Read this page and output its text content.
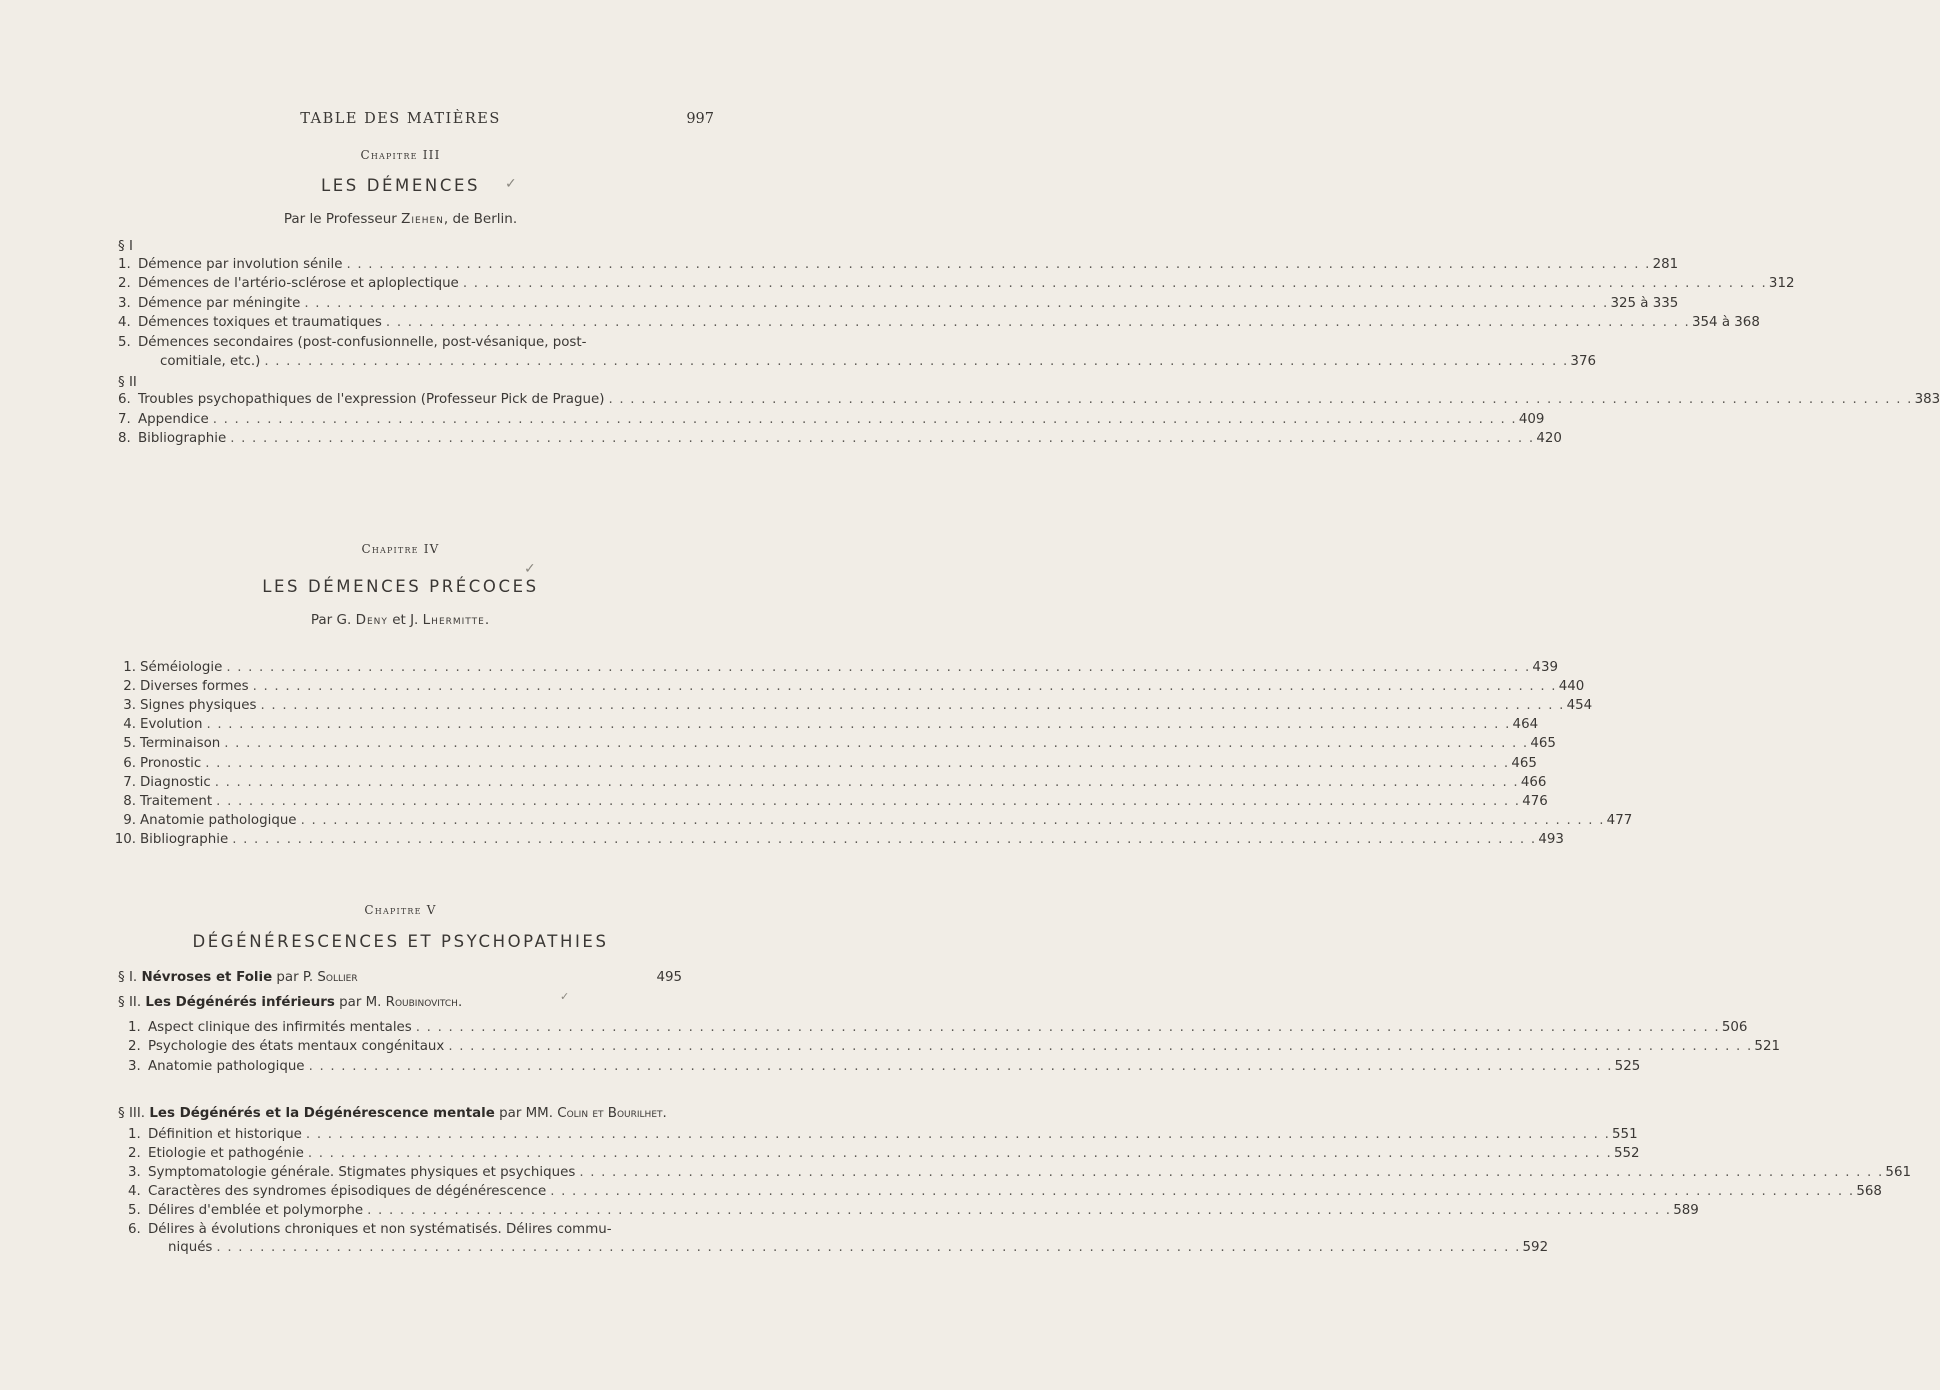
TABLE DES MATIÈRES	997
Chapitre III
LES DÉMENCES	✓
Par le Professeur Ziehen, de Berlin.
§ I
1. Démence par involution sénile . . . . . . . . . . . . . . . . . . . . . . . . . . . . . . . . . . . . . . . . . . . . . . . . . . . . . . . . . . . . . . . . . . . . . . . . . . . . . . . . . . . . . . . . . . . . . . . . . . . . . . . . . . . . . . . . . . . . . . . . 281
2. Démences de l'artério-sclérose et aploplectique . . . . . . . . . . . . . . . . . . . . . . . . . . . . . . . . . . . . . . . . . . . . . . . . . . . . . . . . . . . . . . . . . . . . . . . . . . . . . . . . . . . . . . . . . . . . . . . . . . . . . . . . . . . . . . . . . . . . . . . . 312
3. Démence par méningite . . . . . . . . . . . . . . . . . . . . . . . . . . . . . . . . . . . . . . . . . . . . . . . . . . . . . . . . . . . . . . . . . . . . . . . . . . . . . . . . . . . . . . . . . . . . . . . . . . . . . . . . . . . . . . . . . . . . . . . . 325 à 335
4. Démences toxiques et traumatiques . . . . . . . . . . . . . . . . . . . . . . . . . . . . . . . . . . . . . . . . . . . . . . . . . . . . . . . . . . . . . . . . . . . . . . . . . . . . . . . . . . . . . . . . . . . . . . . . . . . . . . . . . . . . . . . . . . . . . . . . 354 à 368
5. Démences secondaires (post-confusionnelle, post-vésanique, post-
comitiale, etc.) . . . . . . . . . . . . . . . . . . . . . . . . . . . . . . . . . . . . . . . . . . . . . . . . . . . . . . . . . . . . . . . . . . . . . . . . . . . . . . . . . . . . . . . . . . . . . . . . . . . . . . . . . . . . . . . . . . . . . . . . 376
§ II
6. Troubles psychopathiques de l'expression (Professeur Pick de Prague) . . . . . . . . . . . . . . . . . . . . . . . . . . . . . . . . . . . . . . . . . . . . . . . . . . . . . . . . . . . . . . . . . . . . . . . . . . . . . . . . . . . . . . . . . . . . . . . . . . . . . . . . . . . . . . . . . . . . . . . . 383
7. Appendice . . . . . . . . . . . . . . . . . . . . . . . . . . . . . . . . . . . . . . . . . . . . . . . . . . . . . . . . . . . . . . . . . . . . . . . . . . . . . . . . . . . . . . . . . . . . . . . . . . . . . . . . . . . . . . . . . . . . . . . . 409
8. Bibliographie . . . . . . . . . . . . . . . . . . . . . . . . . . . . . . . . . . . . . . . . . . . . . . . . . . . . . . . . . . . . . . . . . . . . . . . . . . . . . . . . . . . . . . . . . . . . . . . . . . . . . . . . . . . . . . . . . . . . . . . . 420
Chapitre IV
✓
LES DÉMENCES PRÉCOCES
Par G. Deny et J. Lhermitte.
1. Séméiologie . . . . . . . . . . . . . . . . . . . . . . . . . . . . . . . . . . . . . . . . . . . . . . . . . . . . . . . . . . . . . . . . . . . . . . . . . . . . . . . . . . . . . . . . . . . . . . . . . . . . . . . . . . . . . . . . . . . . . . . . 439
2. Diverses formes . . . . . . . . . . . . . . . . . . . . . . . . . . . . . . . . . . . . . . . . . . . . . . . . . . . . . . . . . . . . . . . . . . . . . . . . . . . . . . . . . . . . . . . . . . . . . . . . . . . . . . . . . . . . . . . . . . . . . . . . 440
3. Signes physiques . . . . . . . . . . . . . . . . . . . . . . . . . . . . . . . . . . . . . . . . . . . . . . . . . . . . . . . . . . . . . . . . . . . . . . . . . . . . . . . . . . . . . . . . . . . . . . . . . . . . . . . . . . . . . . . . . . . . . . . . 454
4. Evolution . . . . . . . . . . . . . . . . . . . . . . . . . . . . . . . . . . . . . . . . . . . . . . . . . . . . . . . . . . . . . . . . . . . . . . . . . . . . . . . . . . . . . . . . . . . . . . . . . . . . . . . . . . . . . . . . . . . . . . . . 464
5. Terminaison . . . . . . . . . . . . . . . . . . . . . . . . . . . . . . . . . . . . . . . . . . . . . . . . . . . . . . . . . . . . . . . . . . . . . . . . . . . . . . . . . . . . . . . . . . . . . . . . . . . . . . . . . . . . . . . . . . . . . . . . 465
6. Pronostic . . . . . . . . . . . . . . . . . . . . . . . . . . . . . . . . . . . . . . . . . . . . . . . . . . . . . . . . . . . . . . . . . . . . . . . . . . . . . . . . . . . . . . . . . . . . . . . . . . . . . . . . . . . . . . . . . . . . . . . . 465
7. Diagnostic . . . . . . . . . . . . . . . . . . . . . . . . . . . . . . . . . . . . . . . . . . . . . . . . . . . . . . . . . . . . . . . . . . . . . . . . . . . . . . . . . . . . . . . . . . . . . . . . . . . . . . . . . . . . . . . . . . . . . . . . 466
8. Traitement . . . . . . . . . . . . . . . . . . . . . . . . . . . . . . . . . . . . . . . . . . . . . . . . . . . . . . . . . . . . . . . . . . . . . . . . . . . . . . . . . . . . . . . . . . . . . . . . . . . . . . . . . . . . . . . . . . . . . . . . 476
9. Anatomie pathologique . . . . . . . . . . . . . . . . . . . . . . . . . . . . . . . . . . . . . . . . . . . . . . . . . . . . . . . . . . . . . . . . . . . . . . . . . . . . . . . . . . . . . . . . . . . . . . . . . . . . . . . . . . . . . . . . . . . . . . . . 477
10. Bibliographie . . . . . . . . . . . . . . . . . . . . . . . . . . . . . . . . . . . . . . . . . . . . . . . . . . . . . . . . . . . . . . . . . . . . . . . . . . . . . . . . . . . . . . . . . . . . . . . . . . . . . . . . . . . . . . . . . . . . . . . . 493
Chapitre V
DÉGÉNÉRESCENCES ET PSYCHOPATHIES
§ I. Névroses et Folie par P. Sollier	495
§ II. Les Dégénérés inférieurs par M. Roubinovitch.	✓
1. Aspect clinique des infirmités mentales . . . . . . . . . . . . . . . . . . . . . . . . . . . . . . . . . . . . . . . . . . . . . . . . . . . . . . . . . . . . . . . . . . . . . . . . . . . . . . . . . . . . . . . . . . . . . . . . . . . . . . . . . . . . . . . . . . . . . . . . 506
2. Psychologie des états mentaux congénitaux . . . . . . . . . . . . . . . . . . . . . . . . . . . . . . . . . . . . . . . . . . . . . . . . . . . . . . . . . . . . . . . . . . . . . . . . . . . . . . . . . . . . . . . . . . . . . . . . . . . . . . . . . . . . . . . . . . . . . . . . 521
3. Anatomie pathologique . . . . . . . . . . . . . . . . . . . . . . . . . . . . . . . . . . . . . . . . . . . . . . . . . . . . . . . . . . . . . . . . . . . . . . . . . . . . . . . . . . . . . . . . . . . . . . . . . . . . . . . . . . . . . . . . . . . . . . . . 525
§ III. Les Dégénérés et la Dégénérescence mentale par MM. Colin et Bourilhet.
1. Définition et historique . . . . . . . . . . . . . . . . . . . . . . . . . . . . . . . . . . . . . . . . . . . . . . . . . . . . . . . . . . . . . . . . . . . . . . . . . . . . . . . . . . . . . . . . . . . . . . . . . . . . . . . . . . . . . . . . . . . . . . . . 551
2. Etiologie et pathogénie . . . . . . . . . . . . . . . . . . . . . . . . . . . . . . . . . . . . . . . . . . . . . . . . . . . . . . . . . . . . . . . . . . . . . . . . . . . . . . . . . . . . . . . . . . . . . . . . . . . . . . . . . . . . . . . . . . . . . . . . 552
3. Symptomatologie générale. Stigmates physiques et psychiques . . . . . . . . . . . . . . . . . . . . . . . . . . . . . . . . . . . . . . . . . . . . . . . . . . . . . . . . . . . . . . . . . . . . . . . . . . . . . . . . . . . . . . . . . . . . . . . . . . . . . . . . . . . . . . . . . . . . . . . . 561
4. Caractères des syndromes épisodiques de dégénérescence . . . . . . . . . . . . . . . . . . . . . . . . . . . . . . . . . . . . . . . . . . . . . . . . . . . . . . . . . . . . . . . . . . . . . . . . . . . . . . . . . . . . . . . . . . . . . . . . . . . . . . . . . . . . . . . . . . . . . . . . 568
5. Délires d'emblée et polymorphe . . . . . . . . . . . . . . . . . . . . . . . . . . . . . . . . . . . . . . . . . . . . . . . . . . . . . . . . . . . . . . . . . . . . . . . . . . . . . . . . . . . . . . . . . . . . . . . . . . . . . . . . . . . . . . . . . . . . . . . . 589
6. Délires à évolutions chroniques et non systématisés. Délires commu-
niqués . . . . . . . . . . . . . . . . . . . . . . . . . . . . . . . . . . . . . . . . . . . . . . . . . . . . . . . . . . . . . . . . . . . . . . . . . . . . . . . . . . . . . . . . . . . . . . . . . . . . . . . . . . . . . . . . . . . . . . . . 592
